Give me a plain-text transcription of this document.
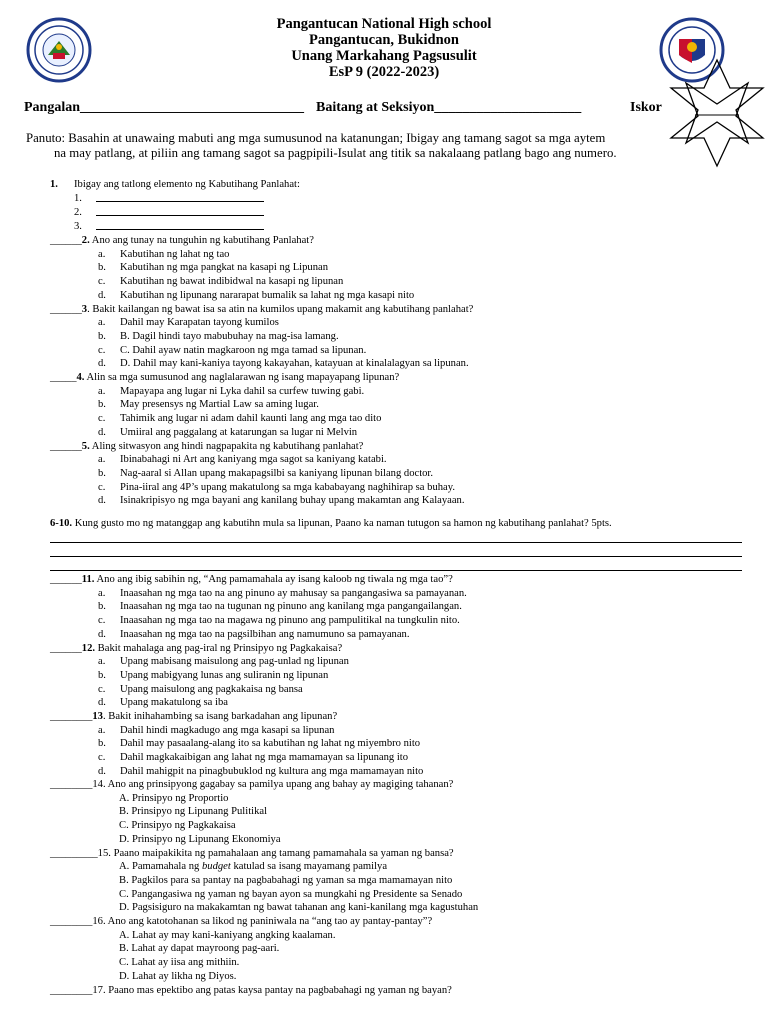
Pangantucan National High school
Pangantucan, Bukidnon
Unang Markahang Pagsusulit
EsP 9 (2022-2023)
Pangalan________________________________ Baitang at Seksiyon_____________________	Iskor
Panuto: Basahin at unawaing mabuti ang mga sumusunod na katanungan; Ibigay ang tamang sagot sa mga aytem
na may patlang, at piliin ang tamang sagot sa pagpipili-Isulat ang titik sa nakalaang patlang bago ang numero.
1. Ibigay ang tatlong elemento ng Kabutihang Panlahat:
1.
2.
3.
6-10. Kung gusto mo ng matanggap ang kabutihn mula sa lipunan, Paano ka naman tutugon sa hamon ng kabutihang panlahat? 5pts.
______2. Ano ang tunay na tunguhin ng kabutihang Panlahat?
a. Kabutihan ng lahat ng tao
b. Kabutihan ng mga pangkat na kasapi ng Lipunan
c. Kabutihan ng bawat indibidwal na kasapi ng lipunan
d. Kabutihan ng lipunang nararapat bumalik sa lahat ng mga kasapi nito
______3. Bakit kailangan ng bawat isa sa atin na kumilos upang makamit ang kabutihang panlahat?
a. Dahil may Karapatan tayong kumilos
b. B. Dagil hindi tayo mabubuhay na mag-isa lamang.
c. C. Dahil ayaw natin magkaroon ng mga tamad sa lipunan.
d. D. Dahil may kani-kaniya tayong kakayahan, katayuan at kinalalagyan sa lipunan.
_____4. Alin sa mga sumusunod ang naglalarawan ng isang mapayapang lipunan?
a. Mapayapa ang lugar ni Lyka dahil sa curfew tuwing gabi.
b. May presensys ng Martial Law sa aming lugar.
c. Tahimik ang lugar ni adam dahil kaunti lang ang mga tao dito
d. Umiiral ang paggalang at katarungan sa lugar ni Melvin
______5. Aling sitwasyon ang hindi nagpapakita ng kabutihang panlahat?
a. Ibinabahagi ni Art ang kaniyang mga sagot sa kaniyang katabi.
b. Nag-aaral si Allan upang makapagsilbi sa kaniyang lipunan bilang doctor.
c. Pina-iiral ang 4P’s upang makatulong sa mga kababayang naghihirap sa buhay.
d. Isinakripisyo ng mga bayani ang kanilang buhay upang makamtan ang Kalayaan.
______11. Ano ang ibig sabihin ng, “Ang pamamahala ay isang kaloob ng tiwala ng mga tao”?
a. Inaasahan ng mga tao na ang pinuno ay mahusay sa pangangasiwa sa pamayanan.
b. Inaasahan ng mga tao na tugunan ng pinuno ang kanilang mga pangangailangan.
c. Inaasahan ng mga tao na magawa ng pinuno ang pampulitikal na tungkulin nito.
d. Inaasahan ng mga tao na pagsilbihan ang namumuno sa pamayanan.
______12. Bakit mahalaga ang pag-iral ng Prinsipyo ng Pagkakaisa?
a. Upang mabisang maisulong ang pag-unlad ng lipunan
b. Upang mabigyang lunas ang suliranin ng lipunan
c. Upang maisulong ang pagkakaisa ng bansa
d. Upang makatulong sa iba
________13. Bakit inihahambing sa isang barkadahan ang lipunan?
a. Dahil hindi magkadugo ang mga kasapi sa lipunan
b. Dahil may pasaalang-alang ito sa kabutihan ng lahat ng miyembro nito
c. Dahil magkakaibigan ang lahat ng mga mamamayan sa lipunang ito
d. Dahil mahigpit na pinagbubuklod ng kultura ang mga mamamayan nito
________14. Ano ang prinsipyong gagabay sa pamilya upang ang bahay ay magiging tahanan?
A. Prinsipyo ng Proportio
B. Prinsipyo ng Lipunang Pulitikal
C. Prinsipyo ng Pagkakaisa
D. Prinsipyo ng Lipunang Ekonomiya
_________15. Paano maipakikita ng pamahalaan ang tamang pamamahala sa yaman ng bansa?
A. Pamamahala ng budget katulad sa isang mayamang pamilya
B. Pagkilos para sa pantay na pagbabahagi ng yaman sa mga mamamayan nito
C. Pangangasiwa ng yaman ng bayan ayon sa mungkahi ng Presidente sa Senado
D. Pagsisiguro na makakamtan ng bawat tahanan ang kani-kanilang mga kagustuhan
________16. Ano ang katotohanan sa likod ng paniniwala na “ang tao ay pantay-pantay”?
A. Lahat ay may kani-kaniyang angking kaalaman.
B. Lahat ay dapat mayroong pag-aari.
C. Lahat ay iisa ang mithiin.
D. Lahat ay likha ng Diyos.
________17. Paano mas epektibo ang patas kaysa pantay na pagbabahagi ng yaman ng bayan?
